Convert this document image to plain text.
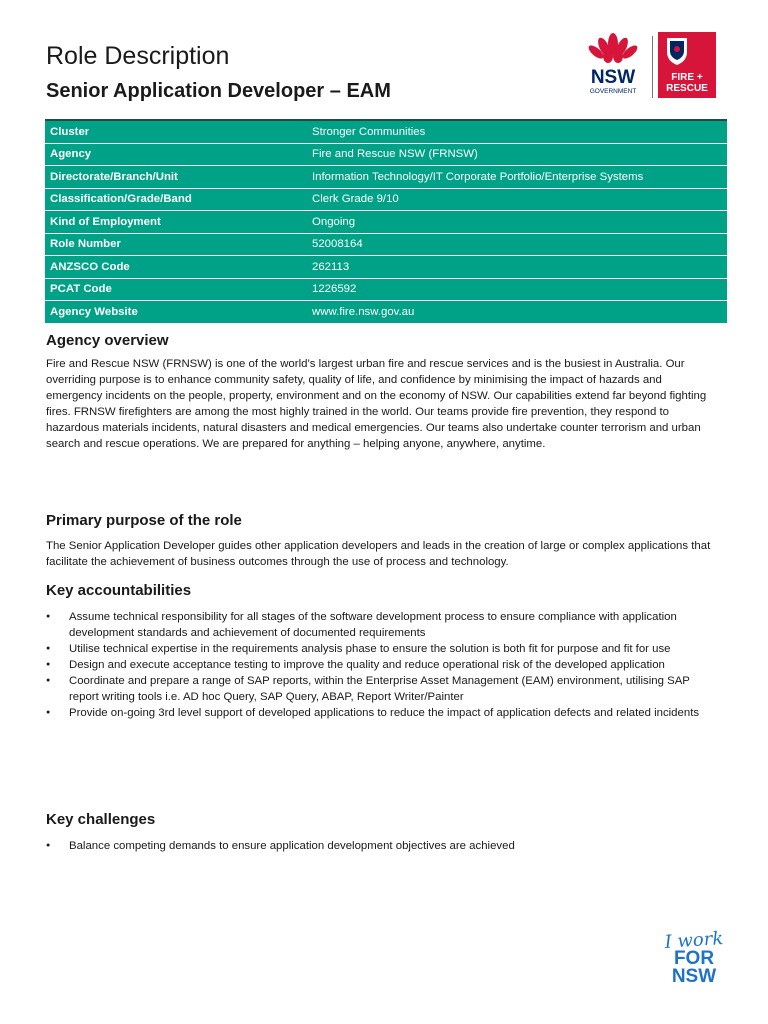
Role Description
Senior Application Developer – EAM
NSW
GOVERNMENT
FIRE +
RESCUE
Cluster	Stronger Communities
Agency	Fire and Rescue NSW (FRNSW)
Directorate/Branch/Unit	Information Technology/IT Corporate Portfolio/Enterprise Systems
Classification/Grade/Band	Clerk Grade 9/10
Kind of Employment	Ongoing
Role Number	52008164
ANZSCO Code	262113
PCAT Code	1226592
Agency Website	www.fire.nsw.gov.au
Agency overview

Fire and Rescue NSW (FRNSW) is one of the world’s largest urban fire and rescue services and is the busiest in Australia. Our overriding purpose is to enhance community safety, quality of life, and confidence by minimising the impact of hazards and emergency incidents on the people, property, environment and on the economy of NSW. Our capabilities extend far beyond fighting fires. FRNSW firefighters are among the most highly trained in the world. Our teams provide fire prevention, they respond to hazardous materials incidents, natural disasters and medical emergencies. Our teams also undertake counter terrorism and urban search and rescue operations. We are prepared for anything – helping anyone, anywhere, anytime.

Primary purpose of the role

The Senior Application Developer guides other application developers and leads in the creation of large or complex applications that facilitate the achievement of business outcomes through the use of process and technology.

Key accountabilities
● Assume technical responsibility for all stages of the software development process to ensure compliance with application development standards and achievement of documented requirements
● Utilise technical expertise in the requirements analysis phase to ensure the solution is both fit for purpose and fit for use
● Design and execute acceptance testing to improve the quality and reduce operational risk of the developed application
● Coordinate and prepare a range of SAP reports, within the Enterprise Asset Management (EAM) environment, utilising SAP report writing tools i.e. AD hoc Query, SAP Query, ABAP, Report Writer/Painter
● Provide on-going 3rd level support of developed applications to reduce the impact of application defects and related incidents
Key challenges
● Balance competing demands to ensure application development objectives are achieved
I work
FOR
NSW
